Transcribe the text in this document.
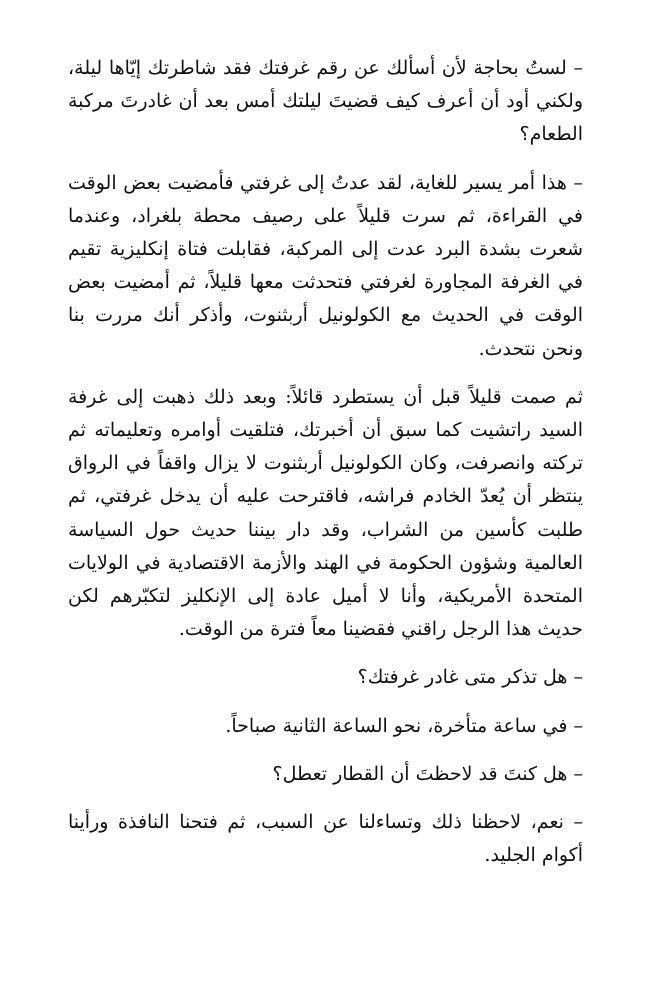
– لستُ بحاجة لأن أسألك عن رقم غرفتك فقد شاطرتك إيّاها ليلة، ولكني أود أن أعرف كيف قضيتَ ليلتك أمس بعد أن غادرتَ مركبة الطعام؟

– هذا أمر يسير للغاية، لقد عدتُ إلى غرفتي فأمضيت بعض الوقت في القراءة، ثم سرت قليلاً على رصيف محطة بلغراد، وعندما شعرت بشدة البرد عدت إلى المركبة، فقابلت فتاة إنكليزية تقيم في الغرفة المجاورة لغرفتي فتحدثت معها قليلاً، ثم أمضيت بعض الوقت في الحديث مع الكولونيل أربثنوت، وأذكر أنك مررت بنا ونحن نتحدث.

ثم صمت قليلاً قبل أن يستطرد قائلاً: وبعد ذلك ذهبت إلى غرفة السيد راتشيت كما سبق أن أخبرتك، فتلقيت أوامره وتعليماته ثم تركته وانصرفت، وكان الكولونيل أربثنوت لا يزال واقفاً في الرواق ينتظر أن يُعدّ الخادم فراشه، فاقترحت عليه أن يدخل غرفتي، ثم طلبت كأسين من الشراب، وقد دار بيننا حديث حول السياسة العالمية وشؤون الحكومة في الهند والأزمة الاقتصادية في الولايات المتحدة الأمريكية، وأنا لا أميل عادة إلى الإنكليز لتكبّرهم لكن حديث هذا الرجل راقني فقضينا معاً فترة من الوقت.

– هل تذكر متى غادر غرفتك؟

– في ساعة متأخرة، نحو الساعة الثانية صباحاً.

– هل كنتَ قد لاحظتَ أن القطار تعطل؟

– نعم، لاحظنا ذلك وتساءلنا عن السبب، ثم فتحنا النافذة ورأينا أكوام الجليد.
